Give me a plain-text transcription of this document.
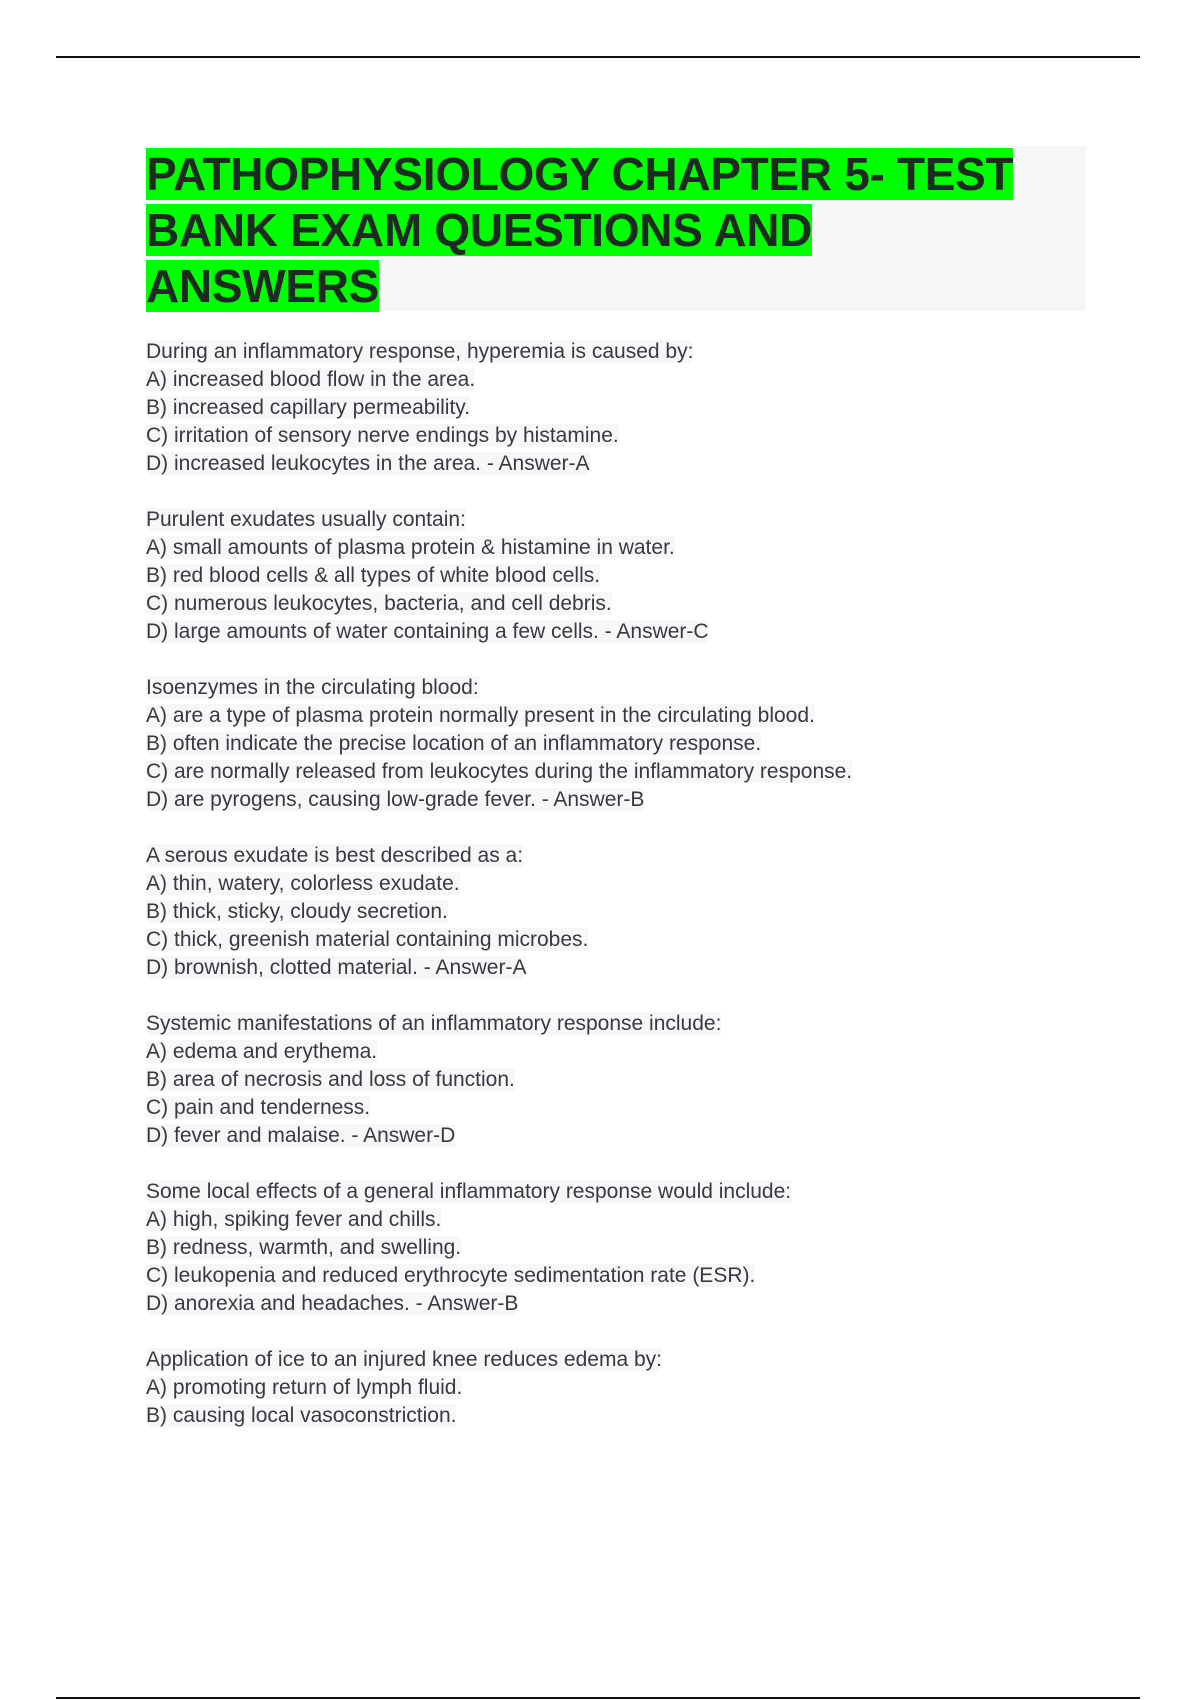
PATHOPHYSIOLOGY CHAPTER 5- TEST
BANK EXAM QUESTIONS AND
ANSWERS
During an inflammatory response, hyperemia is caused by:
A) increased blood flow in the area.
B) increased capillary permeability.
C) irritation of sensory nerve endings by histamine.
D) increased leukocytes in the area. - Answer-A
Purulent exudates usually contain:
A) small amounts of plasma protein & histamine in water.
B) red blood cells & all types of white blood cells.
C) numerous leukocytes, bacteria, and cell debris.
D) large amounts of water containing a few cells. - Answer-C
Isoenzymes in the circulating blood:
A) are a type of plasma protein normally present in the circulating blood.
B) often indicate the precise location of an inflammatory response.
C) are normally released from leukocytes during the inflammatory response.
D) are pyrogens, causing low-grade fever. - Answer-B
A serous exudate is best described as a:
A) thin, watery, colorless exudate.
B) thick, sticky, cloudy secretion.
C) thick, greenish material containing microbes.
D) brownish, clotted material. - Answer-A
Systemic manifestations of an inflammatory response include:
A) edema and erythema.
B) area of necrosis and loss of function.
C) pain and tenderness.
D) fever and malaise. - Answer-D
Some local effects of a general inflammatory response would include:
A) high, spiking fever and chills.
B) redness, warmth, and swelling.
C) leukopenia and reduced erythrocyte sedimentation rate (ESR).
D) anorexia and headaches. - Answer-B
Application of ice to an injured knee reduces edema by:
A) promoting return of lymph fluid.
B) causing local vasoconstriction.
